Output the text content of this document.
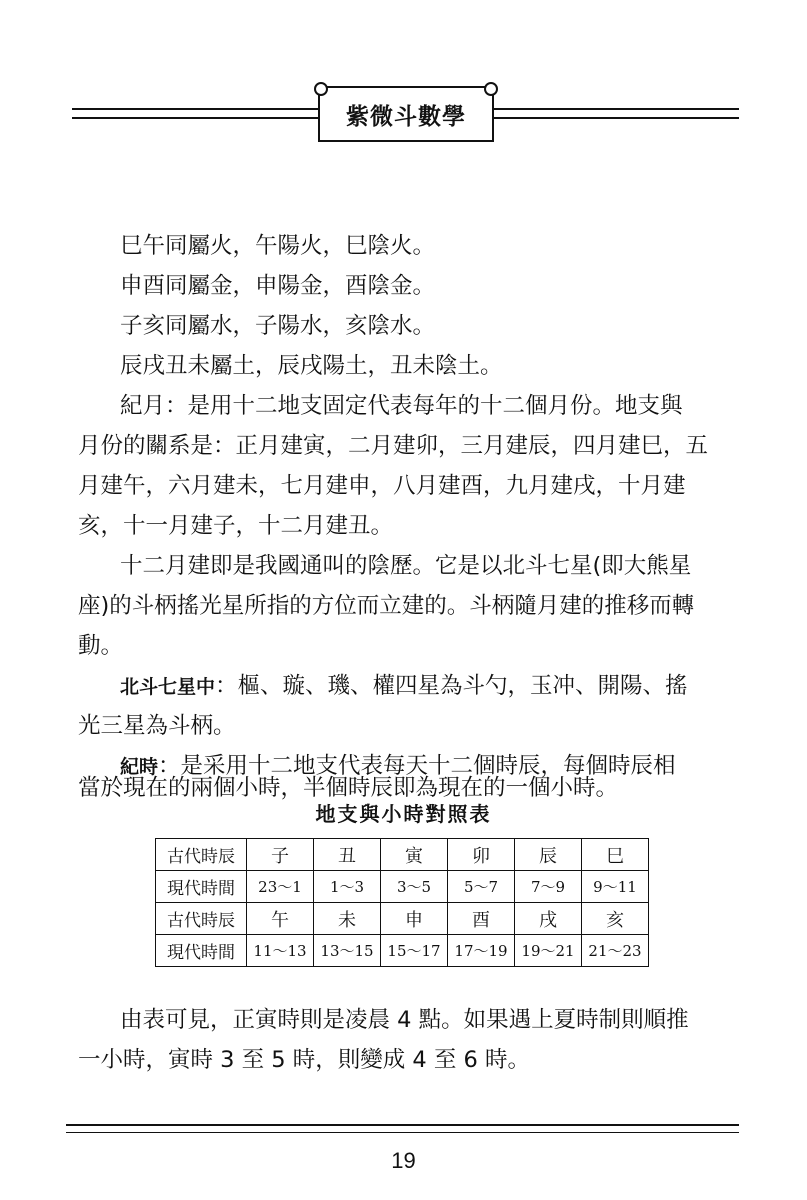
紫微斗數學
巳午同屬火，午陽火，巳陰火。
申酉同屬金，申陽金，酉陰金。
子亥同屬水，子陽水，亥陰水。
辰戌丑未屬土，辰戌陽土，丑未陰土。
紀月：是用十二地支固定代表每年的十二個月份。地支與
月份的關系是：正月建寅，二月建卯，三月建辰，四月建巳，五
月建午，六月建未，七月建申，八月建酉，九月建戌，十月建
亥，十一月建子，十二月建丑。
十二月建即是我國通叫的陰歷。它是以北斗七星(即大熊星
座)的斗柄搖光星所指的方位而立建的。斗柄隨月建的推移而轉
動。
北斗七星中：樞、璇、璣、權四星為斗勺，玉冲、開陽、搖
光三星為斗柄。
紀時：是采用十二地支代表每天十二個時辰，每個時辰相
當於現在的兩個小時，半個時辰即為現在的一個小時。
地支與小時對照表
古代時辰	子	丑	寅	卯	辰	巳
現代時間	23～1	1～3	3～5	5～7	7～9	9～11
古代時辰	午	未	申	酉	戌	亥
現代時間	11～13	13～15	15～17	17～19	19～21	21～23
由表可見，正寅時則是凌晨 4 點。如果遇上夏時制則順推
一小時，寅時 3 至 5 時，則變成 4 至 6 時。
19
